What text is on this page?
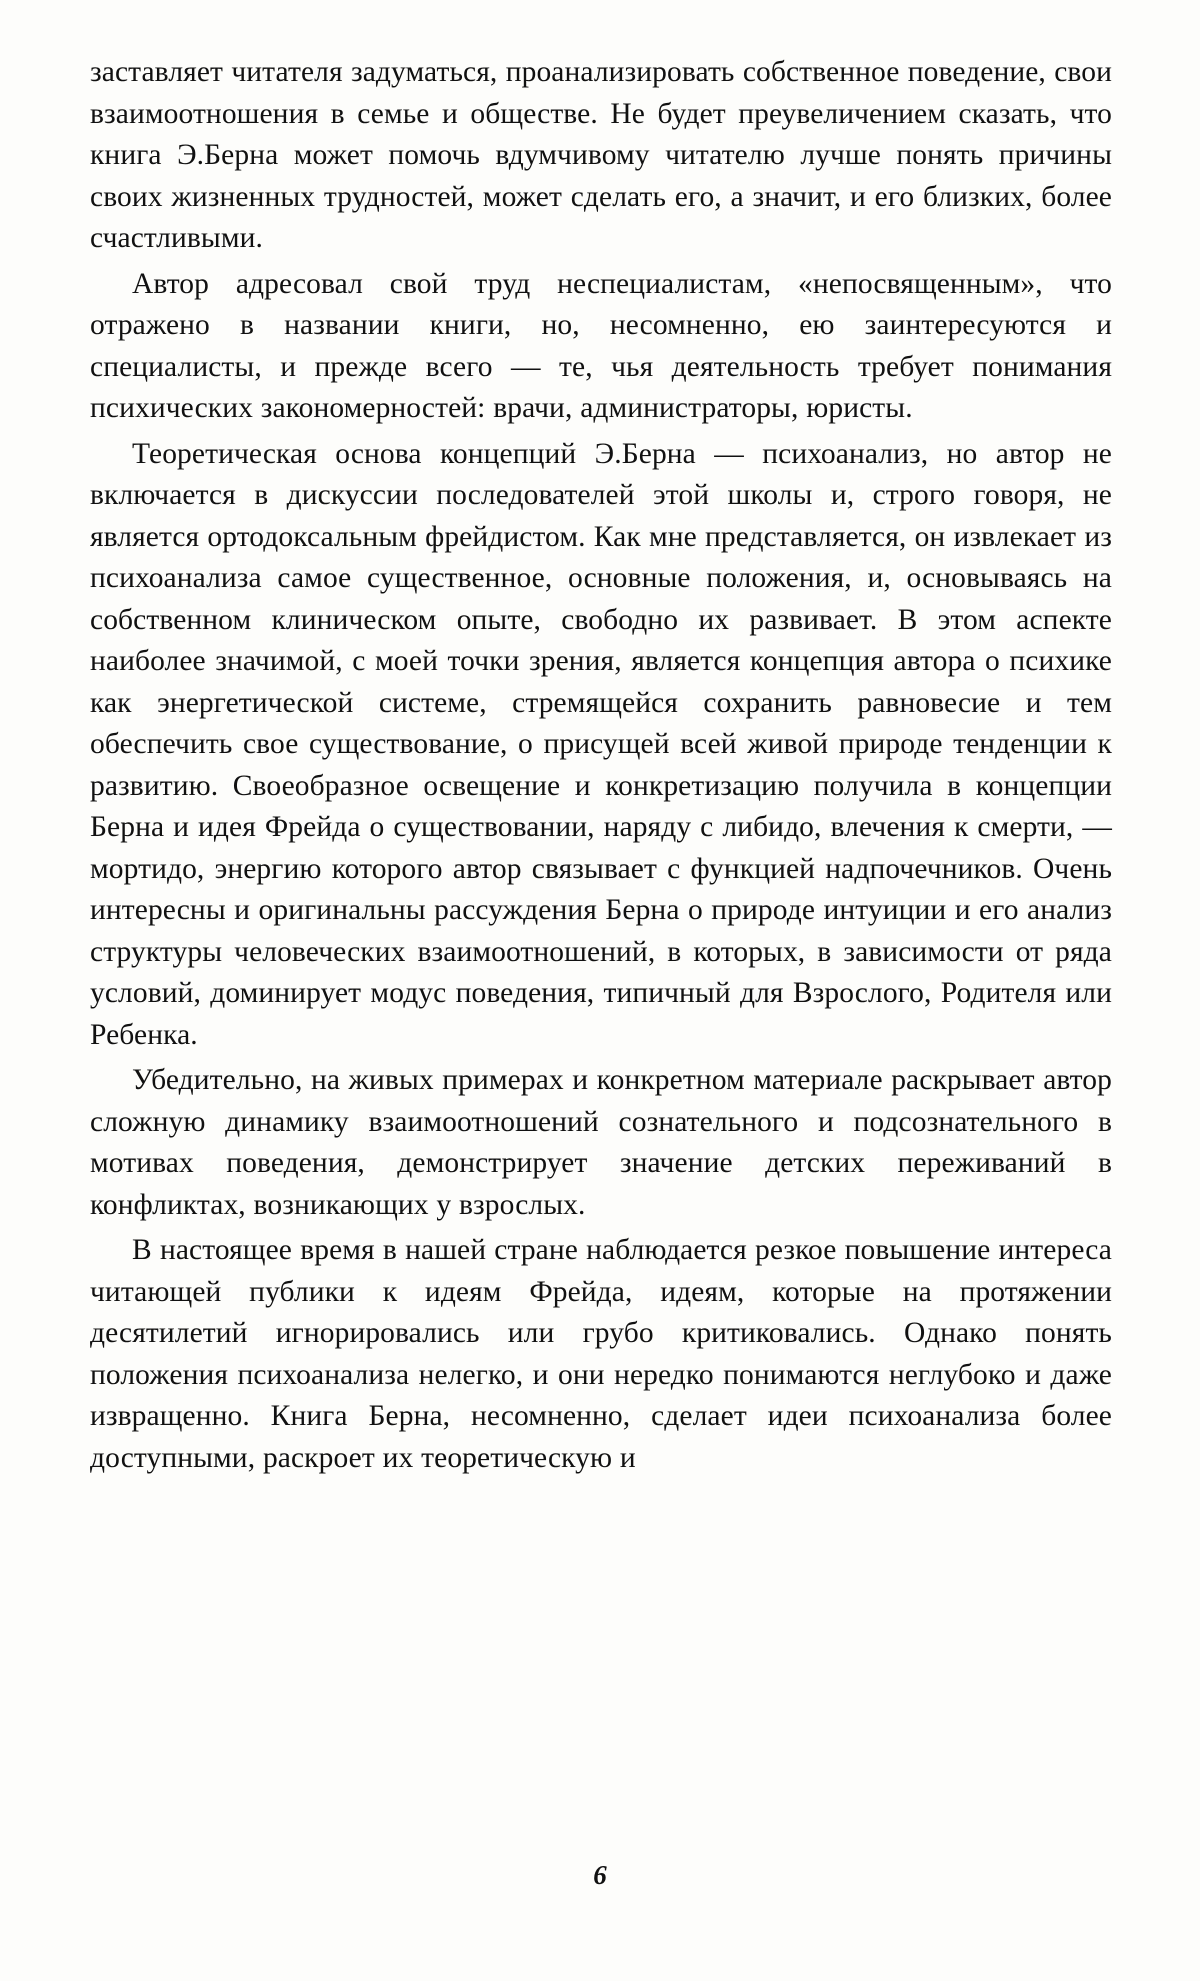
заставляет читателя задуматься, проанализировать собственное поведение, свои взаимоотношения в семье и обществе. Не будет преувеличением сказать, что книга Э.Берна может помочь вдумчивому читателю лучше понять причины своих жизненных трудностей, может сделать его, а значит, и его близких, более счастливыми.

Автор адресовал свой труд неспециалистам, «непосвященным», что отражено в названии книги, но, несомненно, ею заинтересуются и специалисты, и прежде всего — те, чья деятельность требует понимания психических закономерностей: врачи, администраторы, юристы.

Теоретическая основа концепций Э.Берна — психоанализ, но автор не включается в дискуссии последователей этой школы и, строго говоря, не является ортодоксальным фрейдистом. Как мне представляется, он извлекает из психоанализа самое существенное, основные положения, и, основываясь на собственном клиническом опыте, свободно их развивает. В этом аспекте наиболее значимой, с моей точки зрения, является концепция автора о психике как энергетической системе, стремящейся сохранить равновесие и тем обеспечить свое существование, о присущей всей живой природе тенденции к развитию. Своеобразное освещение и конкретизацию получила в концепции Берна и идея Фрейда о существовании, наряду с либидо, влечения к смерти, — мортидо, энергию которого автор связывает с функцией надпочечников. Очень интересны и оригинальны рассуждения Берна о природе интуиции и его анализ структуры человеческих взаимоотношений, в которых, в зависимости от ряда условий, доминирует модус поведения, типичный для Взрослого, Родителя или Ребенка.

Убедительно, на живых примерах и конкретном материале раскрывает автор сложную динамику взаимоотношений сознательного и подсознательного в мотивах поведения, демонстрирует значение детских переживаний в конфликтах, возникающих у взрослых.

В настоящее время в нашей стране наблюдается резкое повышение интереса читающей публики к идеям Фрейда, идеям, которые на протяжении десятилетий игнорировались или грубо критиковались. Однако понять положения психоанализа нелегко, и они нередко понимаются неглубоко и даже извращенно. Книга Берна, несомненно, сделает идеи психоанализа более доступными, раскроет их теоретическую и

6
